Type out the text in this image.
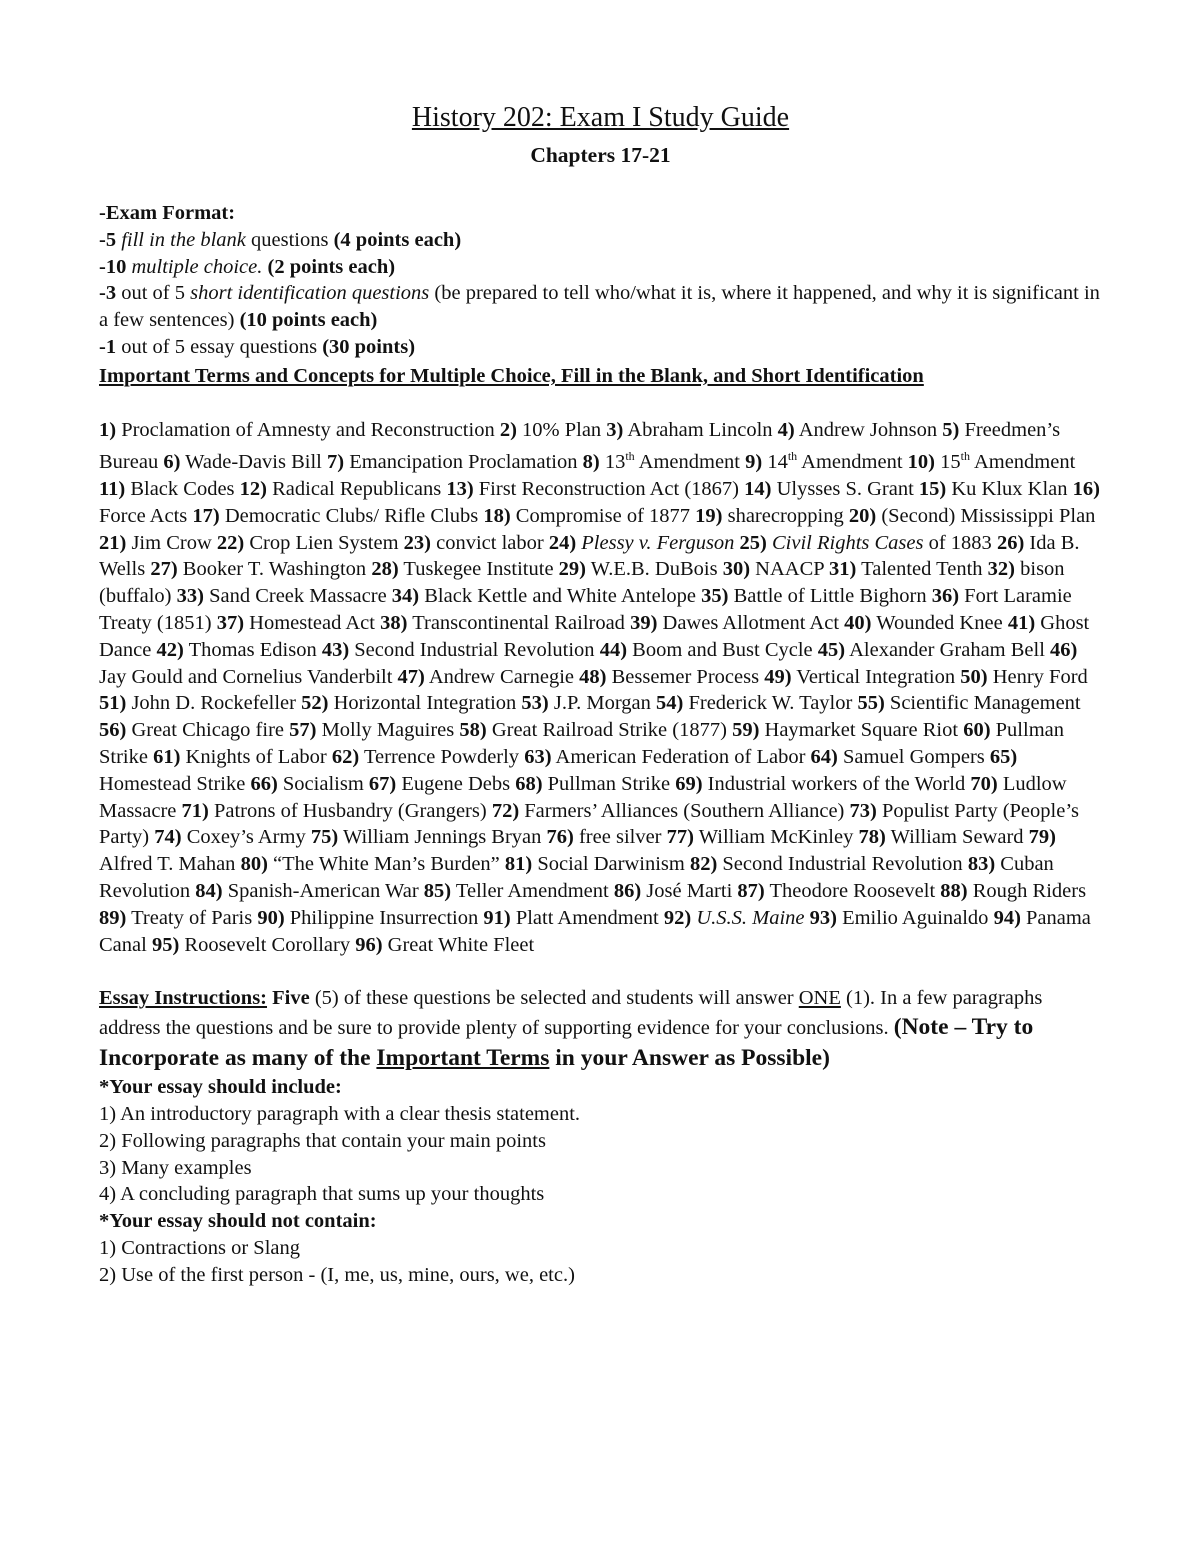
History 202: Exam I Study Guide
Chapters 17-21

-Exam Format:

-5 fill in the blank questions (4 points each)

-10 multiple choice. (2 points each)

-3 out of 5 short identification questions (be prepared to tell who/what it is, where it happened, and why it is significant in a few sentences) (10 points each)

-1 out of 5 essay questions (30 points)

Important Terms and Concepts for Multiple Choice, Fill in the Blank, and Short Identification

1) Proclamation of Amnesty and Reconstruction 2) 10% Plan 3) Abraham Lincoln 4) Andrew Johnson 5) Freedmen’s Bureau 6) Wade-Davis Bill 7) Emancipation Proclamation 8) 13th Amendment 9) 14th Amendment 10) 15th Amendment 11) Black Codes 12) Radical Republicans 13) First Reconstruction Act (1867) 14) Ulysses S. Grant 15) Ku Klux Klan 16) Force Acts 17) Democratic Clubs/ Rifle Clubs 18) Compromise of 1877 19) sharecropping 20) (Second) Mississippi Plan 21) Jim Crow 22) Crop Lien System 23) convict labor 24) Plessy v. Ferguson 25) Civil Rights Cases of 1883 26) Ida B. Wells 27) Booker T. Washington 28) Tuskegee Institute 29) W.E.B. DuBois 30) NAACP 31) Talented Tenth 32) bison (buffalo) 33) Sand Creek Massacre 34) Black Kettle and White Antelope 35) Battle of Little Bighorn 36) Fort Laramie Treaty (1851) 37) Homestead Act 38) Transcontinental Railroad 39) Dawes Allotment Act 40) Wounded Knee 41) Ghost Dance 42) Thomas Edison 43) Second Industrial Revolution 44) Boom and Bust Cycle 45) Alexander Graham Bell 46) Jay Gould and Cornelius Vanderbilt 47) Andrew Carnegie 48) Bessemer Process 49) Vertical Integration 50) Henry Ford 51) John D. Rockefeller 52) Horizontal Integration 53) J.P. Morgan 54) Frederick W. Taylor 55) Scientific Management 56) Great Chicago fire 57) Molly Maguires 58) Great Railroad Strike (1877) 59) Haymarket Square Riot 60) Pullman Strike 61) Knights of Labor 62) Terrence Powderly 63) American Federation of Labor 64) Samuel Gompers 65) Homestead Strike 66) Socialism 67) Eugene Debs 68) Pullman Strike 69) Industrial workers of the World 70) Ludlow Massacre 71) Patrons of Husbandry (Grangers) 72) Farmers’ Alliances (Southern Alliance) 73) Populist Party (People’s Party) 74) Coxey’s Army 75) William Jennings Bryan 76) free silver 77) William McKinley 78) William Seward 79) Alfred T. Mahan 80) “The White Man’s Burden” 81) Social Darwinism 82) Second Industrial Revolution 83) Cuban Revolution 84) Spanish-American War 85) Teller Amendment 86) José Marti 87) Theodore Roosevelt 88) Rough Riders 89) Treaty of Paris 90) Philippine Insurrection 91) Platt Amendment 92) U.S.S. Maine 93) Emilio Aguinaldo 94) Panama Canal 95) Roosevelt Corollary 96) Great White Fleet

Essay Instructions: Five (5) of these questions be selected and students will answer ONE (1). In a few paragraphs address the questions and be sure to provide plenty of supporting evidence for your conclusions. (Note – Try to Incorporate as many of the Important Terms in your Answer as Possible)

*Your essay should include:

1) An introductory paragraph with a clear thesis statement.

2) Following paragraphs that contain your main points

3) Many examples

4) A concluding paragraph that sums up your thoughts

*Your essay should not contain:

1) Contractions or Slang

2) Use of the first person - (I, me, us, mine, ours, we, etc.)
